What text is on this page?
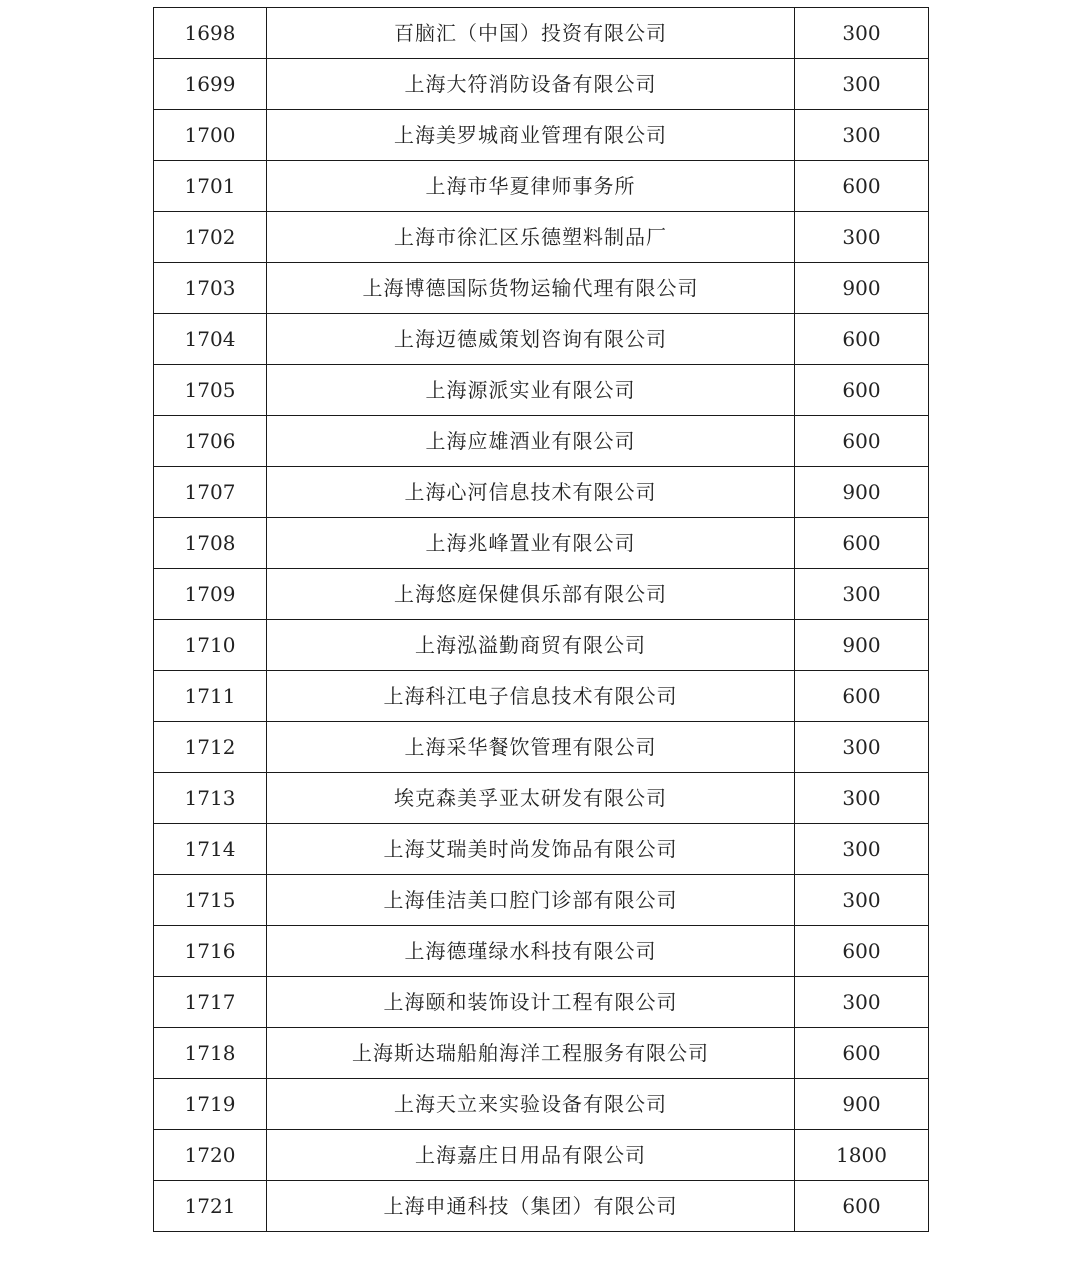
1698	百脑汇（中国）投资有限公司	300
1699	上海大符消防设备有限公司	300
1700	上海美罗城商业管理有限公司	300
1701	上海市华夏律师事务所	600
1702	上海市徐汇区乐德塑料制品厂	300
1703	上海博德国际货物运输代理有限公司	900
1704	上海迈德威策划咨询有限公司	600
1705	上海源派实业有限公司	600
1706	上海应雄酒业有限公司	600
1707	上海心河信息技术有限公司	900
1708	上海兆峰置业有限公司	600
1709	上海悠庭保健俱乐部有限公司	300
1710	上海泓溢勤商贸有限公司	900
1711	上海科江电子信息技术有限公司	600
1712	上海采华餐饮管理有限公司	300
1713	埃克森美孚亚太研发有限公司	300
1714	上海艾瑞美时尚发饰品有限公司	300
1715	上海佳洁美口腔门诊部有限公司	300
1716	上海德瑾绿水科技有限公司	600
1717	上海颐和装饰设计工程有限公司	300
1718	上海斯达瑞船舶海洋工程服务有限公司	600
1719	上海天立来实验设备有限公司	900
1720	上海嘉庄日用品有限公司	1800
1721	上海申通科技（集团）有限公司	600
